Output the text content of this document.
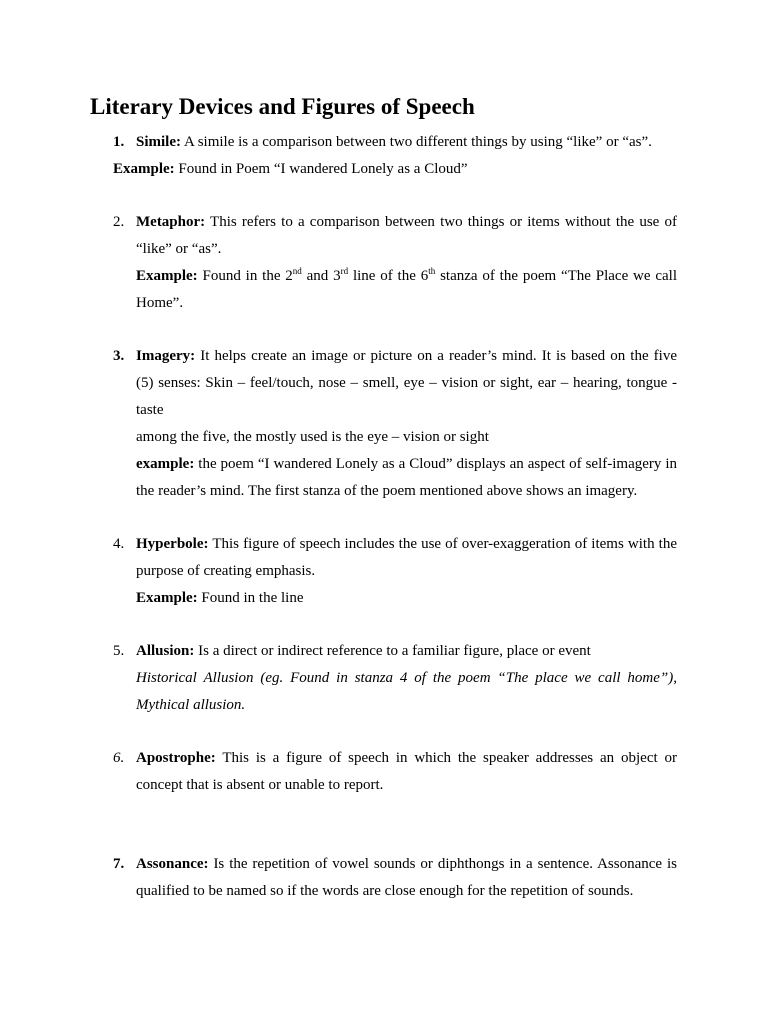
Literary Devices and Figures of Speech
1. Simile: A simile is a comparison between two different things by using “like” or “as”.
Example: Found in Poem “I wandered Lonely as a Cloud”
2. Metaphor: This refers to a comparison between two things or items without the use of
“like” or “as”.
Example: Found in the 2nd and 3rd line of the 6th stanza of the poem “The Place we call
Home”.
3. Imagery: It helps create an image or picture on a reader’s mind. It is based on the five
(5) senses: Skin – feel/touch, nose – smell, eye – vision or sight, ear – hearing, tongue -
taste
among the five, the mostly used is the eye – vision or sight
example: the poem “I wandered Lonely as a Cloud” displays an aspect of self-imagery in
the reader’s mind. The first stanza of the poem mentioned above shows an imagery.
4. Hyperbole: This figure of speech includes the use of over-exaggeration of items with the
purpose of creating emphasis.
Example: Found in the line
5. Allusion: Is a direct or indirect reference to a familiar figure, place or event
Historical Allusion (eg. Found in stanza 4 of the poem “The place we call home”),
Mythical allusion.
6. Apostrophe: This is a figure of speech in which the speaker addresses an object or
concept that is absent or unable to report.
7. Assonance: Is the repetition of vowel sounds or diphthongs in a sentence. Assonance is
qualified to be named so if the words are close enough for the repetition of sounds.
